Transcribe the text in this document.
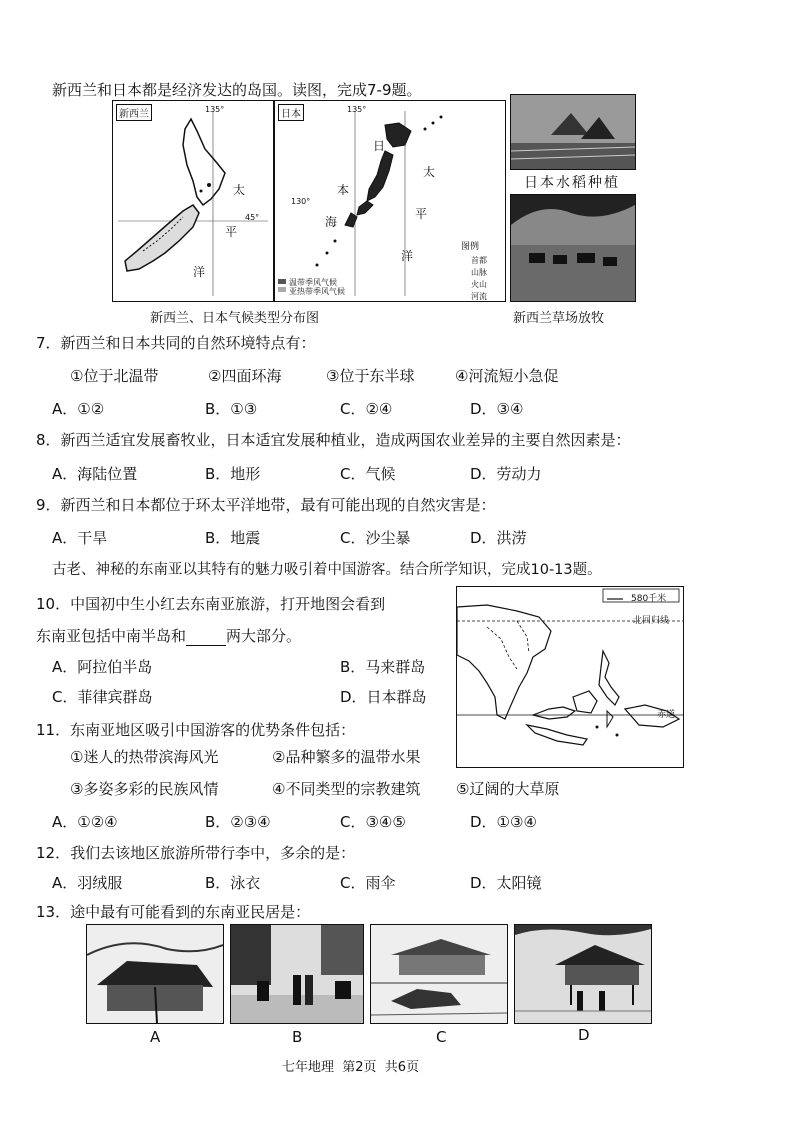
新西兰和日本都是经济发达的岛国。读图，完成7-9题。
新西兰	135°
45°
太
平
洋
日本	135°
130°
日
本
海
太
平
洋
图例
首都
山脉
火山
河流
温带季风气候
亚热带季风气候
新西兰、日本气候类型分布图
日本水稻种植
新西兰草场放牧
7．新西兰和日本共同的自然环境特点有：
①位于北温带	②四面环海	③位于东半球	④河流短小急促
A．①②	B．①③	C．②④	D．③④
8．新西兰适宜发展畜牧业，日本适宜发展种植业，造成两国农业差异的主要自然因素是：
A．海陆位置	B．地形	C．气候	D．劳动力
9．新西兰和日本都位于环太平洋地带，最有可能出现的自然灾害是：
A．干旱	B．地震	C．沙尘暴	D．洪涝
古老、神秘的东南亚以其特有的魅力吸引着中国游客。结合所学知识，完成10-13题。
10．中国初中生小红去东南亚旅游，打开地图会看到
东南亚包括中南半岛和	两大部分。
A．阿拉伯半岛	B．马来群岛
C．菲律宾群岛	D．日本群岛
580千米
北回归线
赤道
11．东南亚地区吸引中国游客的优势条件包括：
①迷人的热带滨海风光	②品种繁多的温带水果
③多姿多彩的民族风情	④不同类型的宗教建筑 ⑤辽阔的大草原
A．①②④	B．②③④	C．③④⑤	D．①③④
12．我们去该地区旅游所带行李中，多余的是：
A．羽绒服	B．泳衣	C．雨伞	D．太阳镜
13．途中最有可能看到的东南亚民居是：
A	B	C	D
七年地理  第2页  共6页
